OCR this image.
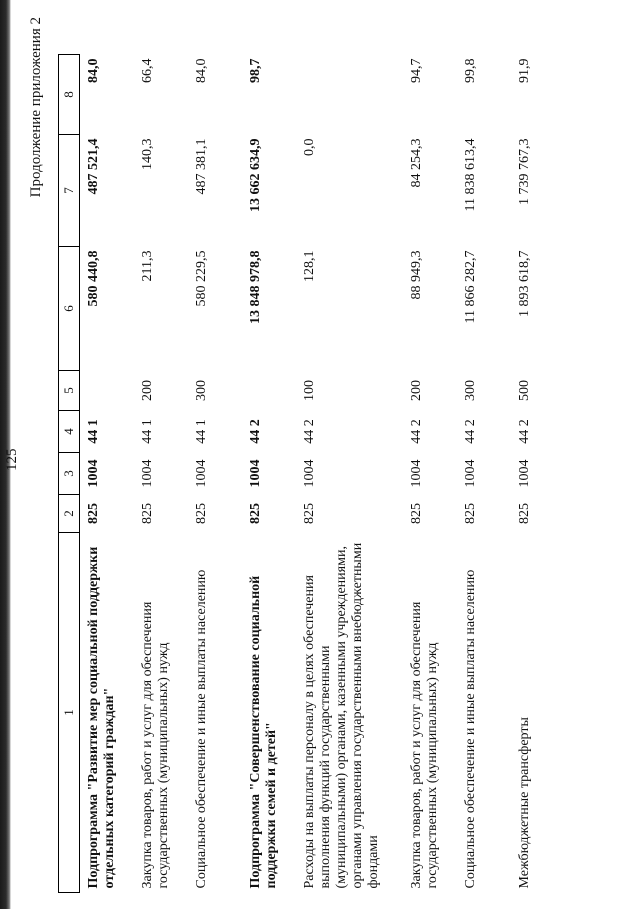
125
Продолжение приложения 2
1	2	3	4	5	6	7	8
Подпрограмма "Развитие мер социальной поддержки отдельных категорий граждан"	825	1004	44 1		580 440,8	487 521,4	84,0
Закупка товаров, работ и услуг для обеспечения государственных (муниципальных) нужд	825	1004	44 1	200	211,3	140,3	66,4
Социальное обеспечение и иные выплаты населению	825	1004	44 1	300	580 229,5	487 381,1	84,0
Подпрограмма "Совершенствование социальной поддержки семей и детей"	825	1004	44 2		13 848 978,8	13 662 634,9	98,7
Расходы на выплаты персоналу в целях обеспечения выполнения функций государственными (муниципальными) органами, казенными учреждениями, органами управления государственными внебюджетными фондами	825	1004	44 2	100	128,1	0,0	
Закупка товаров, работ и услуг для обеспечения государственных (муниципальных) нужд	825	1004	44 2	200	88 949,3	84 254,3	94,7
Социальное обеспечение и иные выплаты населению	825	1004	44 2	300	11 866 282,7	11 838 613,4	99,8
Межбюджетные трансферты	825	1004	44 2	500	1 893 618,7	1 739 767,3	91,9
